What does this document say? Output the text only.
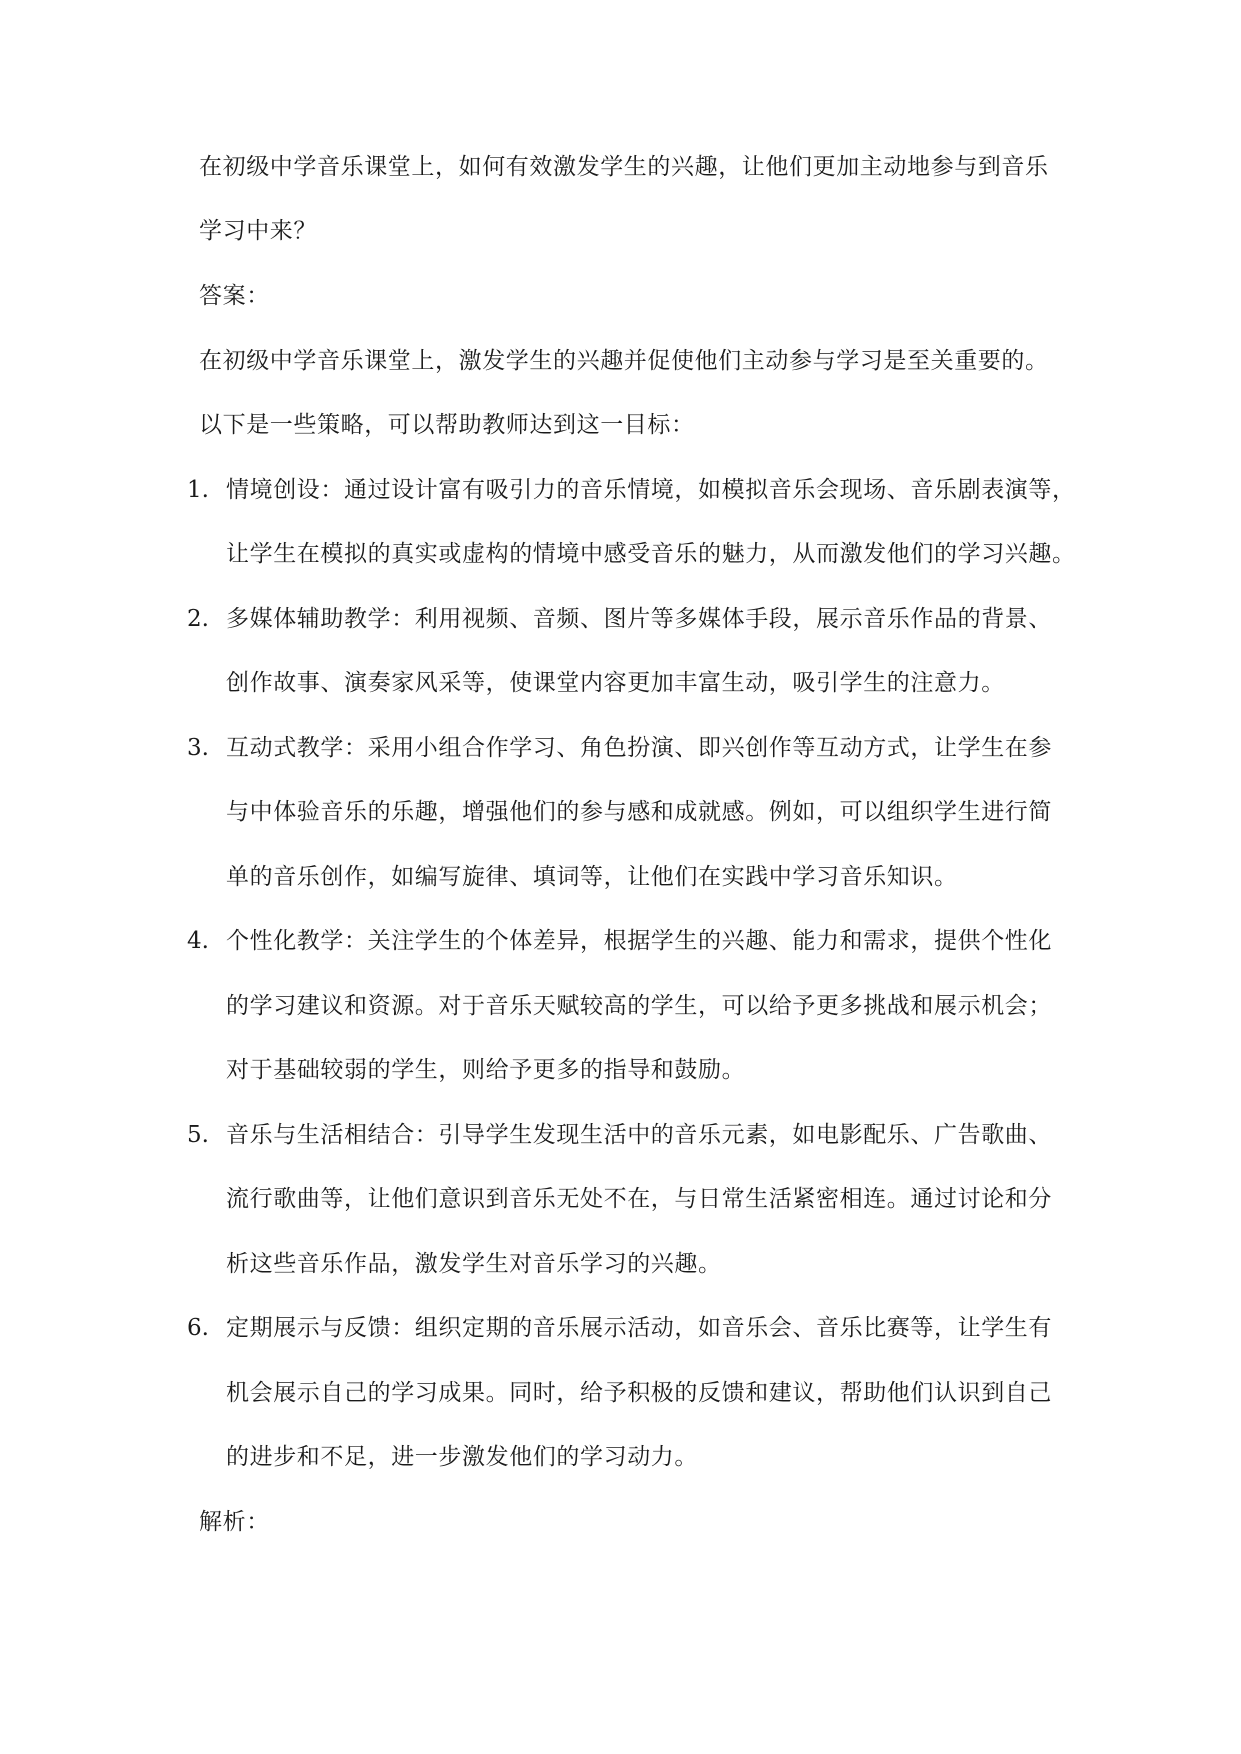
在初级中学音乐课堂上，如何有效激发学生的兴趣，让他们更加主动地参与到音乐
学习中来？
答案：
在初级中学音乐课堂上，激发学生的兴趣并促使他们主动参与学习是至关重要的。
以下是一些策略，可以帮助教师达到这一目标：
1. 情境创设：通过设计富有吸引力的音乐情境，如模拟音乐会现场、音乐剧表演等，
让学生在模拟的真实或虚构的情境中感受音乐的魅力，从而激发他们的学习兴趣。
2. 多媒体辅助教学：利用视频、音频、图片等多媒体手段，展示音乐作品的背景、
创作故事、演奏家风采等，使课堂内容更加丰富生动，吸引学生的注意力。
3. 互动式教学：采用小组合作学习、角色扮演、即兴创作等互动方式，让学生在参
与中体验音乐的乐趣，增强他们的参与感和成就感。例如，可以组织学生进行简
单的音乐创作，如编写旋律、填词等，让他们在实践中学习音乐知识。
4. 个性化教学：关注学生的个体差异，根据学生的兴趣、能力和需求，提供个性化
的学习建议和资源。对于音乐天赋较高的学生，可以给予更多挑战和展示机会；
对于基础较弱的学生，则给予更多的指导和鼓励。
5. 音乐与生活相结合：引导学生发现生活中的音乐元素，如电影配乐、广告歌曲、
流行歌曲等，让他们意识到音乐无处不在，与日常生活紧密相连。通过讨论和分
析这些音乐作品，激发学生对音乐学习的兴趣。
6. 定期展示与反馈：组织定期的音乐展示活动，如音乐会、音乐比赛等，让学生有
机会展示自己的学习成果。同时，给予积极的反馈和建议，帮助他们认识到自己
的进步和不足，进一步激发他们的学习动力。
解析：
